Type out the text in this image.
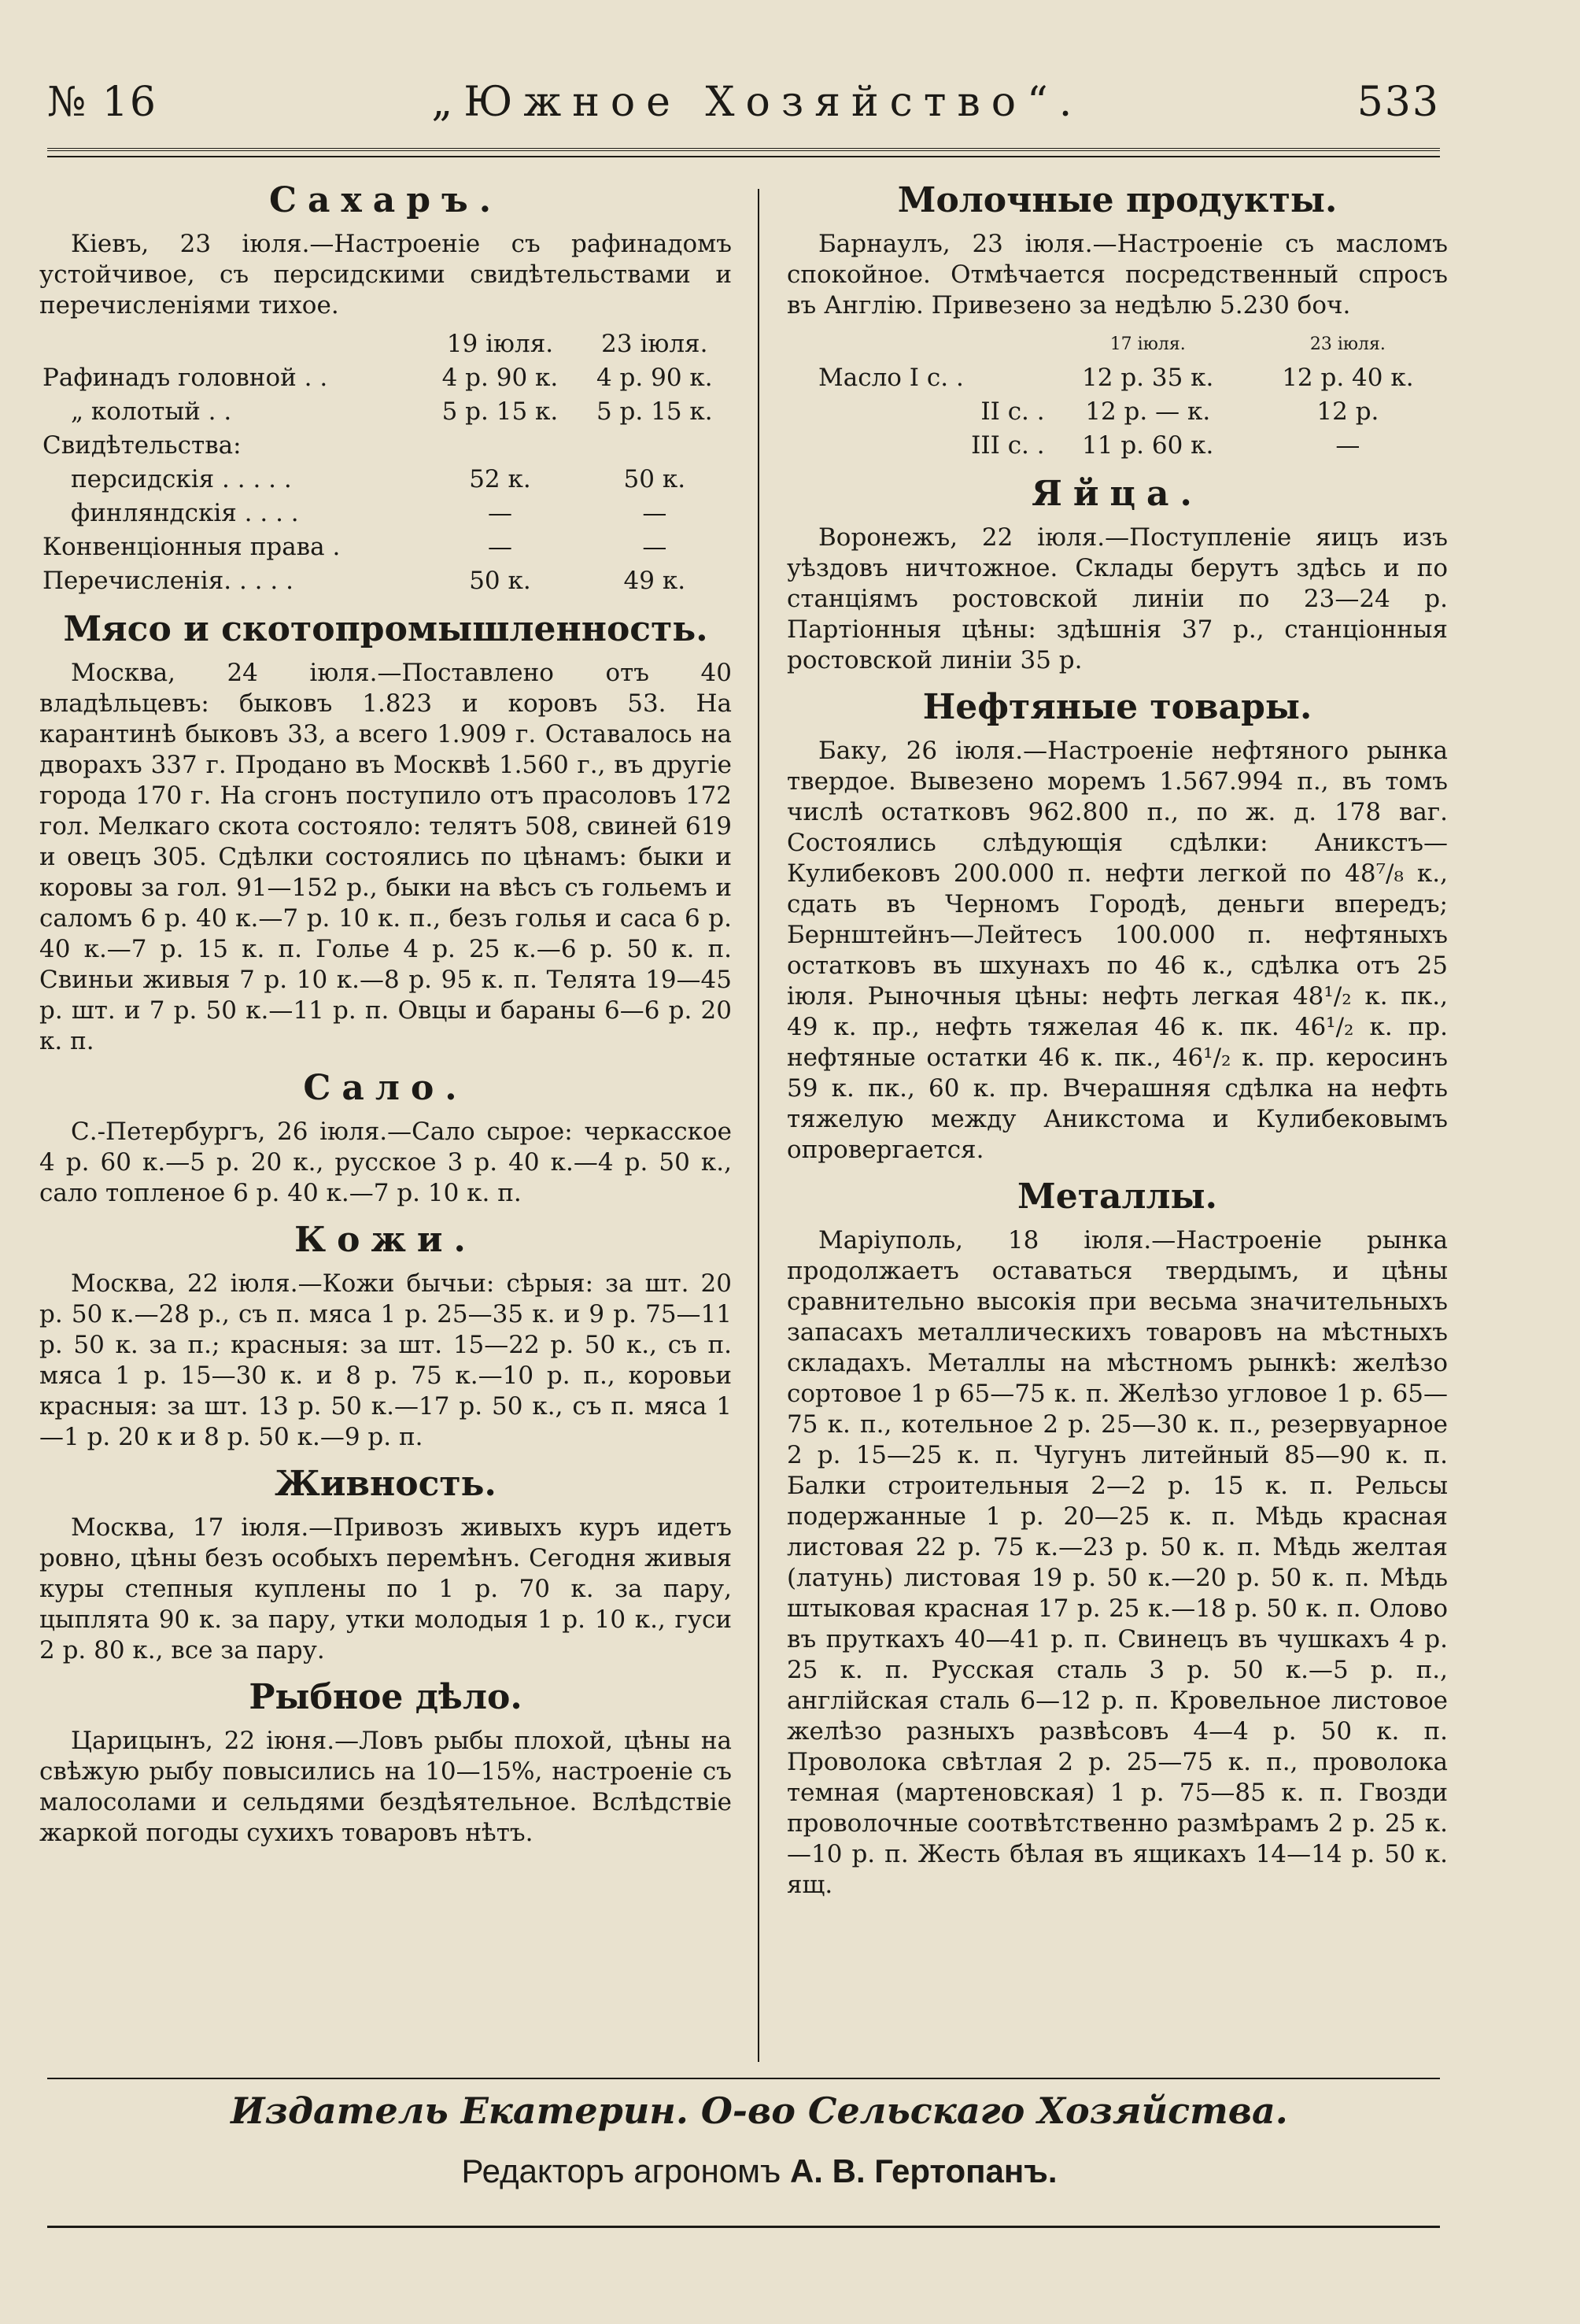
№ 16	„Южное Хозяйство“.	533
Сахаръ.

Кіевъ, 23 іюля.—Настроеніе съ рафинадомъ устойчивое, съ персидскими свидѣтельствами и перечисленіями тихое.

	19 іюля.	23 іюля.
Рафинадъ головной . .	4 р. 90 к.	4 р. 90 к.
„ колотый . .	5 р. 15 к.	5 р. 15 к.
Свидѣтельства:		
персидскія . . . . .	52 к.	50 к.
финляндскія . . . .	—	—
Конвенціонныя права .	—	—
Перечисленія. . . . .	50 к.	49 к.
Мясо и скотопромышленность.

Москва, 24 іюля.—Поставлено отъ 40 владѣльцевъ: быковъ 1.823 и коровъ 53. На карантинѣ быковъ 33, а всего 1.909 г. Оставалось на дворахъ 337 г. Продано въ Москвѣ 1.560 г., въ другіе города 170 г. На сгонъ поступило отъ прасоловъ 172 гол. Мелкаго скота состояло: телятъ 508, свиней 619 и овецъ 305. Сдѣлки состоялись по цѣнамъ: быки и коровы за гол. 91—152 р., быки на вѣсъ съ гольемъ и саломъ 6 р. 40 к.—7 р. 10 к. п., безъ голья и саса 6 р. 40 к.—7 р. 15 к. п. Голье 4 р. 25 к.—6 р. 50 к. п. Свиньи живыя 7 р. 10 к.—8 р. 95 к. п. Телята 19—45 р. шт. и 7 р. 50 к.—11 р. п. Овцы и бараны 6—6 р. 20 к. п.

Сало.

С.-Петербургъ, 26 іюля.—Сало сырое: черкасское 4 р. 60 к.—5 р. 20 к., русское 3 р. 40 к.—4 р. 50 к., сало топленое 6 р. 40 к.—7 р. 10 к. п.

Кожи.

Москва, 22 іюля.—Кожи бычьи: сѣрыя: за шт. 20 р. 50 к.—28 р., съ п. мяса 1 р. 25—35 к. и 9 р. 75—11 р. 50 к. за п.; красныя: за шт. 15—22 р. 50 к., съ п. мяса 1 р. 15—30 к. и 8 р. 75 к.—10 р. п., коровьи красныя: за шт. 13 р. 50 к.—17 р. 50 к., съ п. мяса 1—1 р. 20 к и 8 р. 50 к.—9 р. п.

Живность.

Москва, 17 іюля.—Привозъ живыхъ куръ идетъ ровно, цѣны безъ особыхъ перемѣнъ. Сегодня живыя куры степныя куплены по 1 р. 70 к. за пару, цыплята 90 к. за пару, утки молодыя 1 р. 10 к., гуси 2 р. 80 к., все за пару.

Рыбное дѣло.

Царицынъ, 22 іюня.—Ловъ рыбы плохой, цѣны на свѣжую рыбу повысились на 10—15%, настроеніе съ малосолами и сельдями бездѣятельное. Вслѣдствіе жаркой погоды сухихъ товаровъ нѣтъ.

Молочные продукты.

Барнаулъ, 23 іюля.—Настроеніе съ масломъ спокойное. Отмѣчается посредственный спросъ въ Англію. Привезено за недѣлю 5.230 боч.

	17 іюля.	23 іюля.
Масло I с. .	12 р. 35 к.	12 р. 40 к.
II с. .	12 р. — к.	12 р.
III с. .	11 р. 60 к.	—
Яйца.

Воронежъ, 22 іюля.—Поступленіе яицъ изъ уѣздовъ ничтожное. Склады берутъ здѣсь и по станціямъ ростовской линіи по 23—24 р. Партіонныя цѣны: здѣшнія 37 р., станціонныя ростовской линіи 35 р.

Нефтяные товары.

Баку, 26 іюля.—Настроеніе нефтяного рынка твердое. Вывезено моремъ 1.567.994 п., въ томъ числѣ остатковъ 962.800 п., по ж. д. 178 ваг. Состоялись слѣдующія сдѣлки: Аникстъ—Кулибековъ 200.000 п. нефти легкой по 48⁷/₈ к., сдать въ Черномъ Городѣ, деньги впередъ; Бернштейнъ—Лейтесъ 100.000 п. нефтяныхъ остатковъ въ шхунахъ по 46 к., сдѣлка отъ 25 іюля. Рыночныя цѣны: нефть легкая 48¹/₂ к. пк., 49 к. пр., нефть тяжелая 46 к. пк. 46¹/₂ к. пр. нефтяные остатки 46 к. пк., 46¹/₂ к. пр. керосинъ 59 к. пк., 60 к. пр. Вчерашняя сдѣлка на нефть тяжелую между Аникстома и Кулибековымъ опровергается.

Металлы.

Маріуполь, 18 іюля.—Настроеніе рынка продолжаетъ оставаться твердымъ, и цѣны сравнительно высокія при весьма значительныхъ запасахъ металлическихъ товаровъ на мѣстныхъ складахъ. Металлы на мѣстномъ рынкѣ: желѣзо сортовое 1 р 65—75 к. п. Желѣзо угловое 1 р. 65—75 к. п., котельное 2 р. 25—30 к. п., резервуарное 2 р. 15—25 к. п. Чугунъ литейный 85—90 к. п. Балки строительныя 2—2 р. 15 к. п. Рельсы подержанные 1 р. 20—25 к. п. Мѣдь красная листовая 22 р. 75 к.—23 р. 50 к. п. Мѣдь желтая (латунь) листовая 19 р. 50 к.—20 р. 50 к. п. Мѣдь штыковая красная 17 р. 25 к.—18 р. 50 к. п. Олово въ пруткахъ 40—41 р. п. Свинецъ въ чушкахъ 4 р. 25 к. п. Русская сталь 3 р. 50 к.—5 р. п., англійская сталь 6—12 р. п. Кровельное листовое желѣзо разныхъ развѣсовъ 4—4 р. 50 к. п. Проволока свѣтлая 2 р. 25—75 к. п., проволока темная (мартеновская) 1 р. 75—85 к. п. Гвозди проволочные соотвѣтственно размѣрамъ 2 р. 25 к.—10 р. п. Жесть бѣлая въ ящикахъ 14—14 р. 50 к. ящ.

Издатель Екатерин. О-во Сельскаго Хозяйства.
Редакторъ агрономъ А. В. Гертопанъ.
